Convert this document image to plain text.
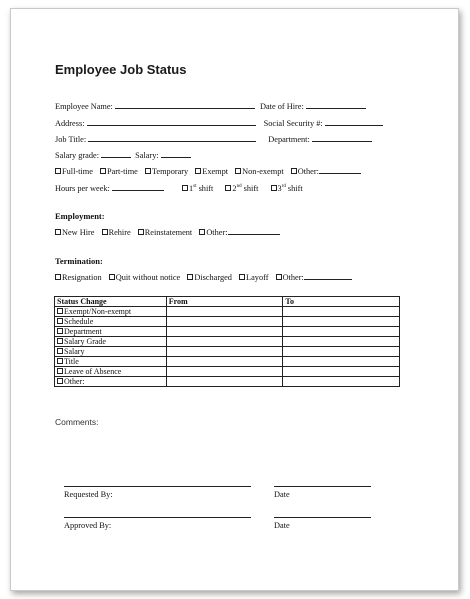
Employee Job Status
Employee Name:	Date of Hire:
Address:	Social Security #:
Job Title:	Department:
Salary grade:	Salary:
Full-time Part-time Temporary Exempt Non-exempt Other:
Hours per week:	1st shift 2nd shift 3rd shift
Employment:
New Hire Rehire Reinstatement Other:
Termination:
Resignation Quit without notice Discharged Layoff Other:
Status Change	From	To
Exempt/Non-exempt		
Schedule		
Department		
Salary Grade		
Salary		
Title		
Leave of Absence		
Other:		
Comments:
Requested By:	Date
Approved By:	Date
